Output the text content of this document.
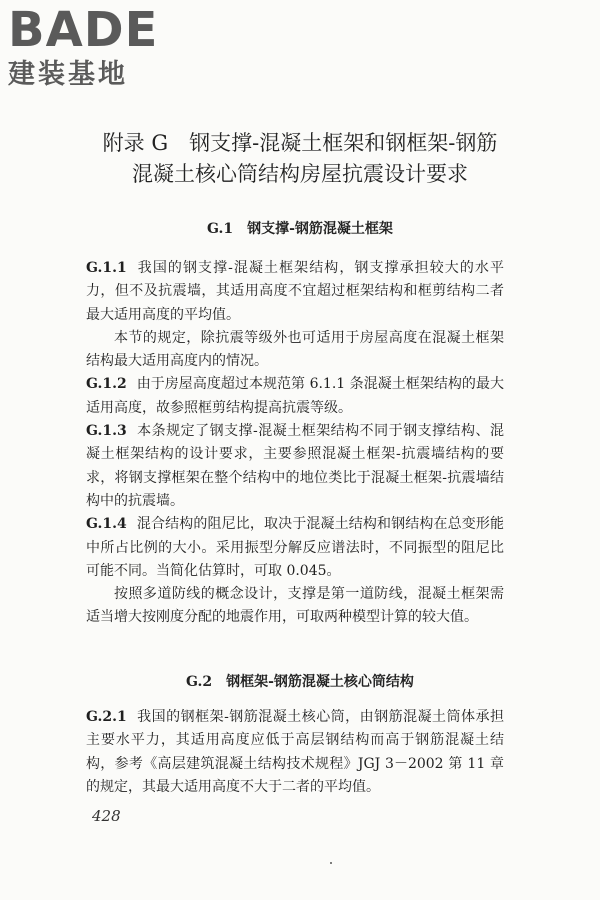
BADE
建装基地
附录 G　钢支撑-混凝土框架和钢框架-钢筋
混凝土核心筒结构房屋抗震设计要求
G.1　钢支撑-钢筋混凝土框架

G.1.1 我国的钢支撑-混凝土框架结构，钢支撑承担较大的水平力，但不及抗震墙，其适用高度不宜超过框架结构和框剪结构二者最大适用高度的平均值。

本节的规定，除抗震等级外也可适用于房屋高度在混凝土框架结构最大适用高度内的情况。

G.1.2 由于房屋高度超过本规范第 6.1.1 条混凝土框架结构的最大适用高度，故参照框剪结构提高抗震等级。

G.1.3 本条规定了钢支撑-混凝土框架结构不同于钢支撑结构、混凝土框架结构的设计要求，主要参照混凝土框架-抗震墙结构的要求，将钢支撑框架在整个结构中的地位类比于混凝土框架-抗震墙结构中的抗震墙。

G.1.4 混合结构的阻尼比，取决于混凝土结构和钢结构在总变形能中所占比例的大小。采用振型分解反应谱法时，不同振型的阻尼比可能不同。当简化估算时，可取 0.045。

按照多道防线的概念设计，支撑是第一道防线，混凝土框架需适当增大按刚度分配的地震作用，可取两种模型计算的较大值。

G.2　钢框架-钢筋混凝土核心筒结构

G.2.1 我国的钢框架-钢筋混凝土核心筒，由钢筋混凝土筒体承担主要水平力，其适用高度应低于高层钢结构而高于钢筋混凝土结构，参考《高层建筑混凝土结构技术规程》JGJ 3－2002 第 11 章的规定，其最大适用高度不大于二者的平均值。

428
